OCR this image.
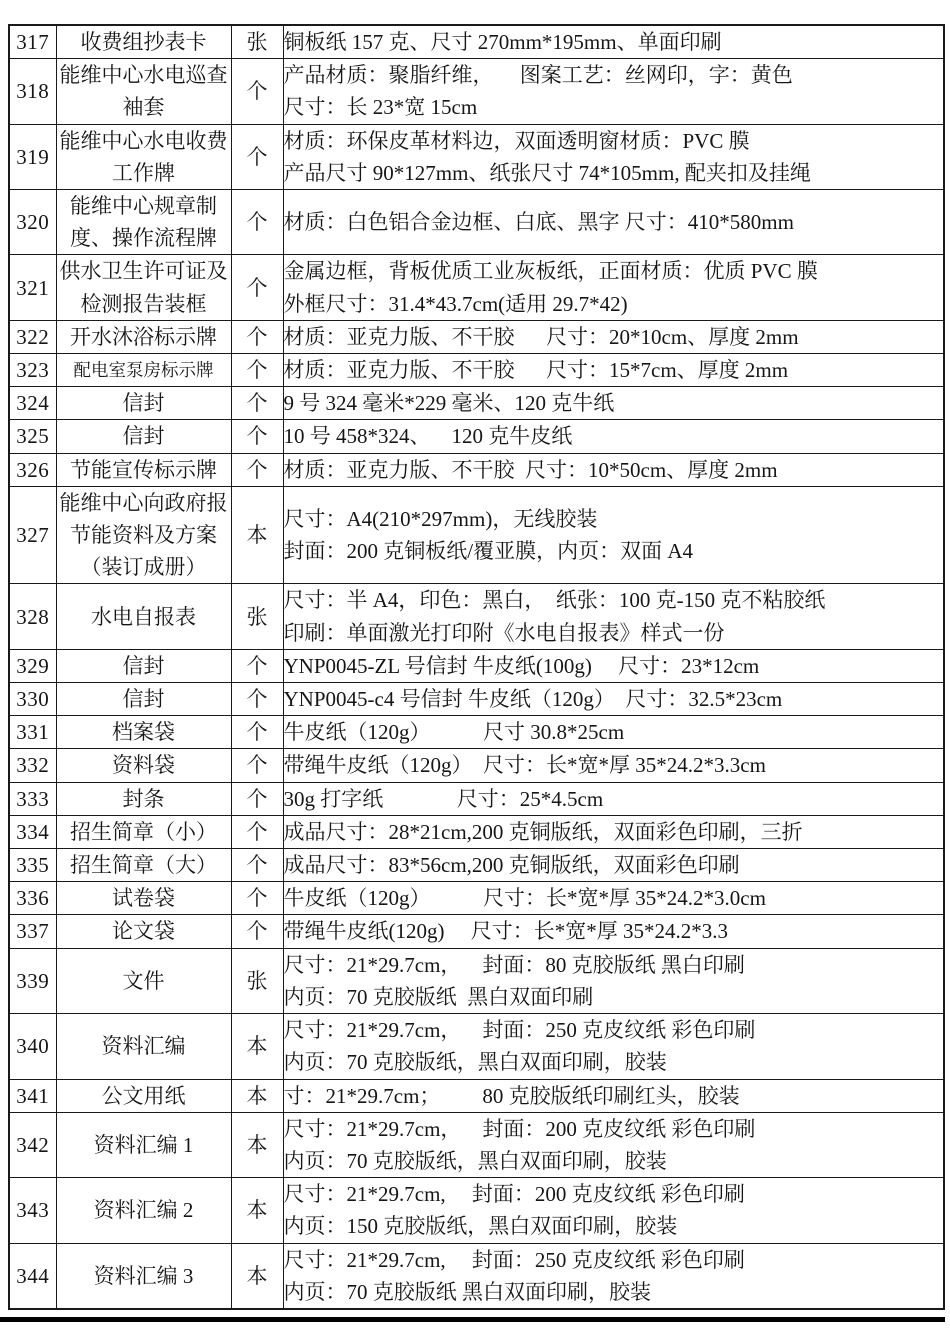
317	收费组抄表卡	张	铜板纸 157 克、尺寸 270mm*195mm、单面印刷

318	能维中心水电巡查袖套	个	产品材质：聚脂纤维，     图案工艺：丝网印，字：黄色
尺寸：长 23*宽 15cm

319	能维中心水电收费工作牌	个	材质：环保皮革材料边，双面透明窗材质：PVC 膜
产品尺寸 90*127mm、纸张尺寸 74*105mm, 配夹扣及挂绳

320	能维中心规章制度、操作流程牌	个	材质：白色铝合金边框、白底、黑字 尺寸：410*580mm

321	供水卫生许可证及检测报告装框	个	金属边框，背板优质工业灰板纸，正面材质：优质 PVC 膜
外框尺寸：31.4*43.7cm(适用 29.7*42)

322	开水沐浴标示牌	个	材质：亚克力版、不干胶      尺寸：20*10cm、厚度 2mm

323	配电室泵房标示牌	个	材质：亚克力版、不干胶      尺寸：15*7cm、厚度 2mm

324	信封	个	9 号 324 毫米*229 毫米、120 克牛纸

325	信封	个	10 号 458*324、    120 克牛皮纸

326	节能宣传标示牌	个	材质：亚克力版、不干胶  尺寸：10*50cm、厚度 2mm

327	能维中心向政府报节能资料及方案（装订成册）	本	尺寸：A4(210*297mm)，无线胶装
封面：200 克铜板纸/覆亚膜，内页：双面 A4

328	水电自报表	张	尺寸：半 A4，印色：黑白，  纸张：100 克-150 克不粘胶纸
印刷：单面激光打印附《水电自报表》样式一份

329	信封	个	YNP0045-ZL 号信封 牛皮纸(100g)     尺寸：23*12cm

330	信封	个	YNP0045-c4 号信封 牛皮纸（120g）  尺寸：32.5*23cm

331	档案袋	个	牛皮纸（120g）          尺寸 30.8*25cm

332	资料袋	个	带绳牛皮纸（120g）  尺寸：长*宽*厚 35*24.2*3.3cm

333	封条	个	30g 打字纸              尺寸：25*4.5cm

334	招生简章（小）	个	成品尺寸：28*21cm,200 克铜版纸，双面彩色印刷，三折

335	招生简章（大）	个	成品尺寸：83*56cm,200 克铜版纸，双面彩色印刷

336	试卷袋	个	牛皮纸（120g）          尺寸：长*宽*厚 35*24.2*3.0cm

337	论文袋	个	带绳牛皮纸(120g)     尺寸：长*宽*厚 35*24.2*3.3

339	文件	张	尺寸：21*29.7cm，    封面：80 克胶版纸 黑白印刷
内页：70 克胶版纸  黑白双面印刷

340	资料汇编	本	尺寸：21*29.7cm，    封面：250 克皮纹纸 彩色印刷
内页：70 克胶版纸，黑白双面印刷，胶装

341	公文用纸	本	寸：21*29.7cm；        80 克胶版纸印刷红头，胶装

342	资料汇编 1	本	尺寸：21*29.7cm，    封面：200 克皮纹纸 彩色印刷
内页：70 克胶版纸，黑白双面印刷，胶装

343	资料汇编 2	本	尺寸：21*29.7cm,     封面：200 克皮纹纸 彩色印刷
内页：150 克胶版纸，黑白双面印刷，胶装

344	资料汇编 3	本	尺寸：21*29.7cm,     封面：250 克皮纹纸 彩色印刷
内页：70 克胶版纸 黑白双面印刷，胶装
